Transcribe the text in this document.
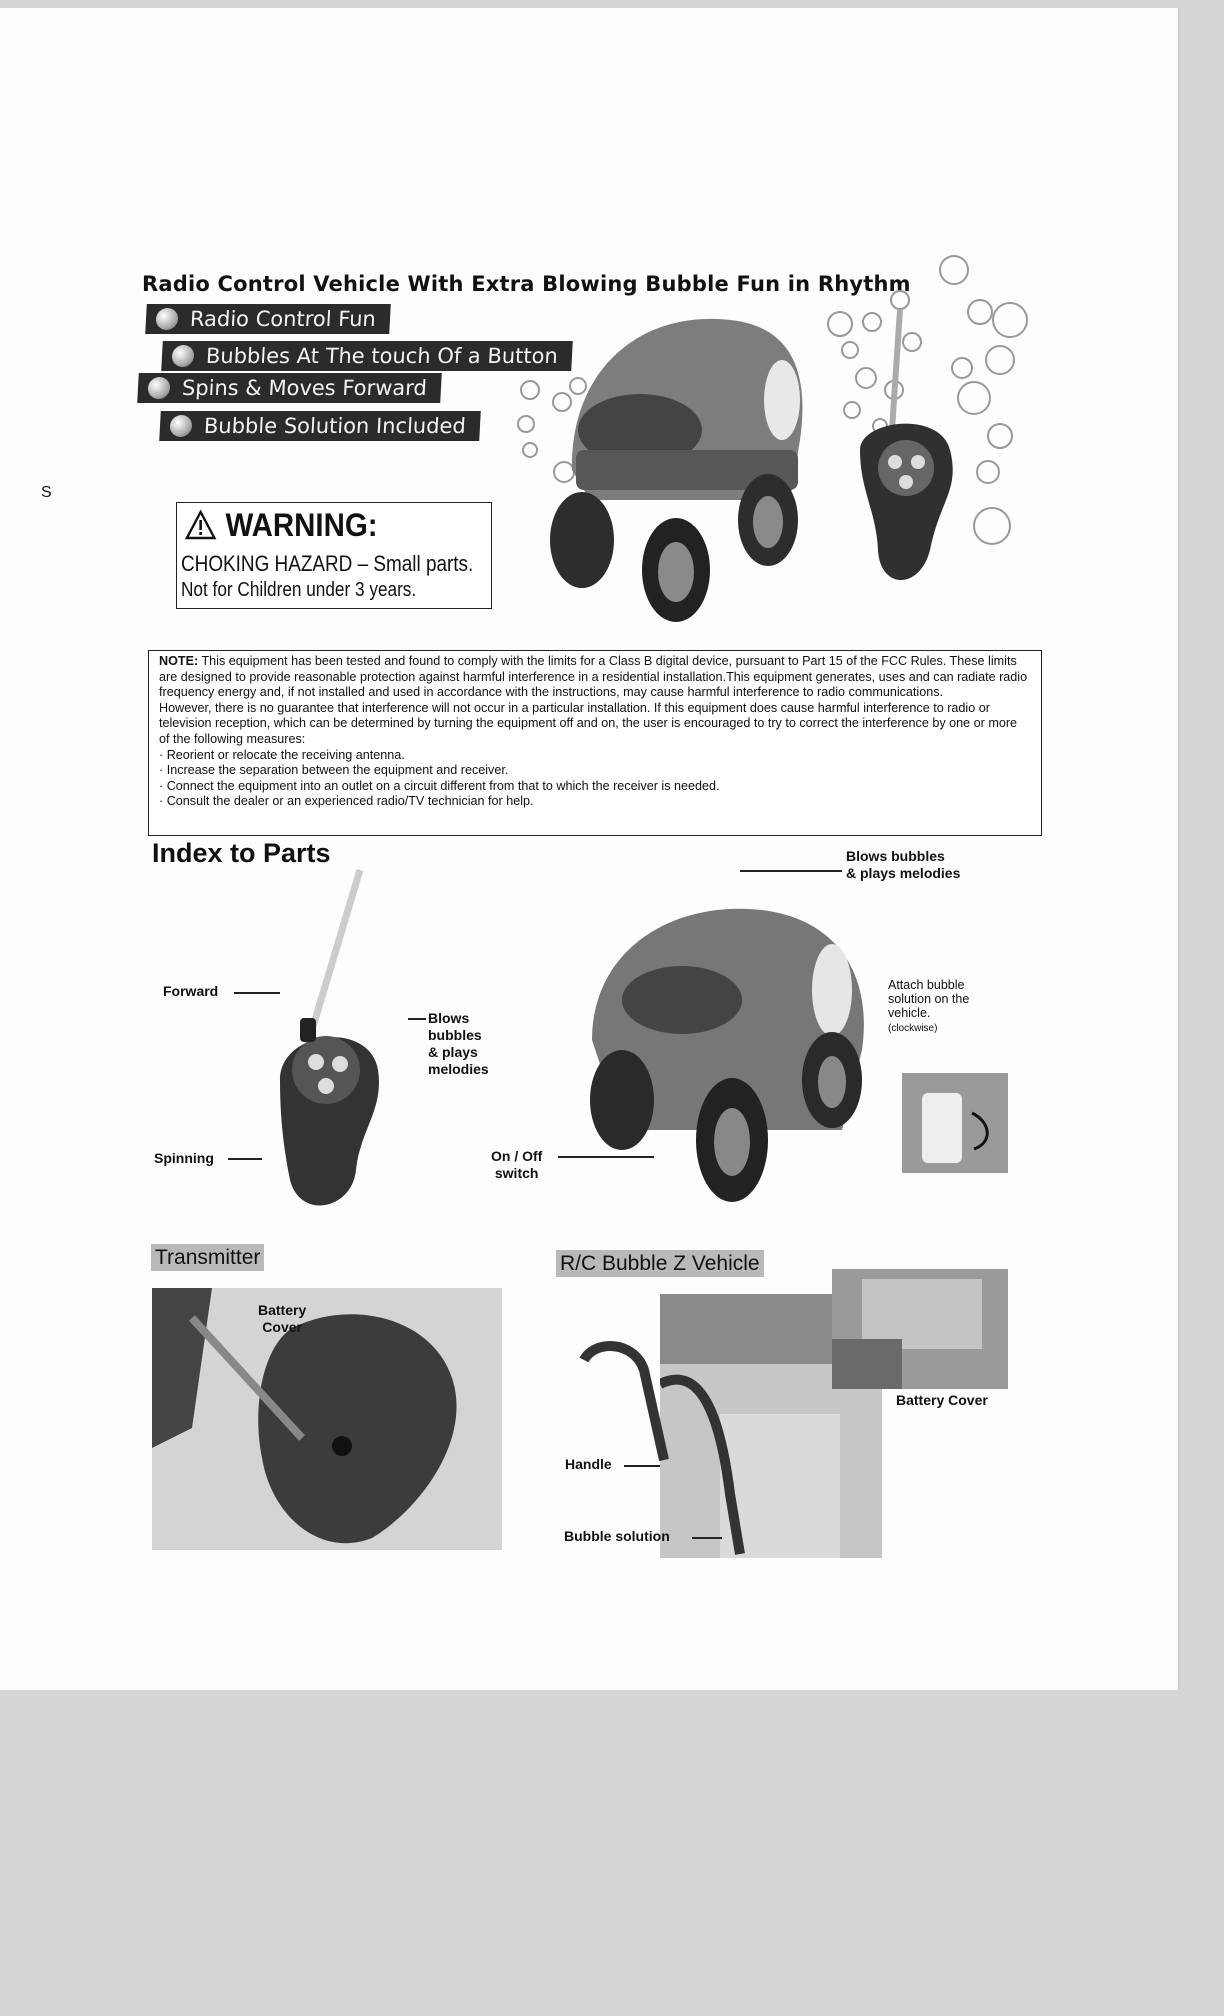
S
Radio Control Vehicle With Extra Blowing Bubble Fun in Rhythm
Radio Control Fun
Bubbles At The touch Of a Button
Spins & Moves Forward
Bubble Solution Included
WARNING:
CHOKING HAZARD – Small parts.
Not for Children under 3 years.

NOTE: This equipment has been tested and found to comply with the limits for a Class B digital device, pursuant to Part 15 of the FCC Rules. These limits are designed to provide reasonable protection against harmful interference in a residential installation.This equipment generates, uses and can radiate radio frequency energy and, if not installed and used in accordance with the instructions, may cause harmful interference to radio communications.

However, there is no guarantee that interference will not occur in a particular installation. If this equipment does cause harmful interference to radio or television reception, which can be determined by turning the equipment off and on, the user is encouraged to try to correct the interference by one or more of the following measures:

· Reorient or relocate the receiving antenna.

· Increase the separation between the equipment and receiver.

· Connect the equipment into an outlet on a circuit different from that to which the receiver is needed.

· Consult the dealer or an experienced radio/TV technician for help.

Index to Parts
Forward
Blows
bubbles
& plays
melodies
Spinning
Blows bubbles
& plays melodies
Attach bubble
solution on the
vehicle.
(clockwise)
On / Off
switch
Transmitter
Battery
Cover
R/C Bubble Z Vehicle
Battery Cover
Handle
Bubble solution
